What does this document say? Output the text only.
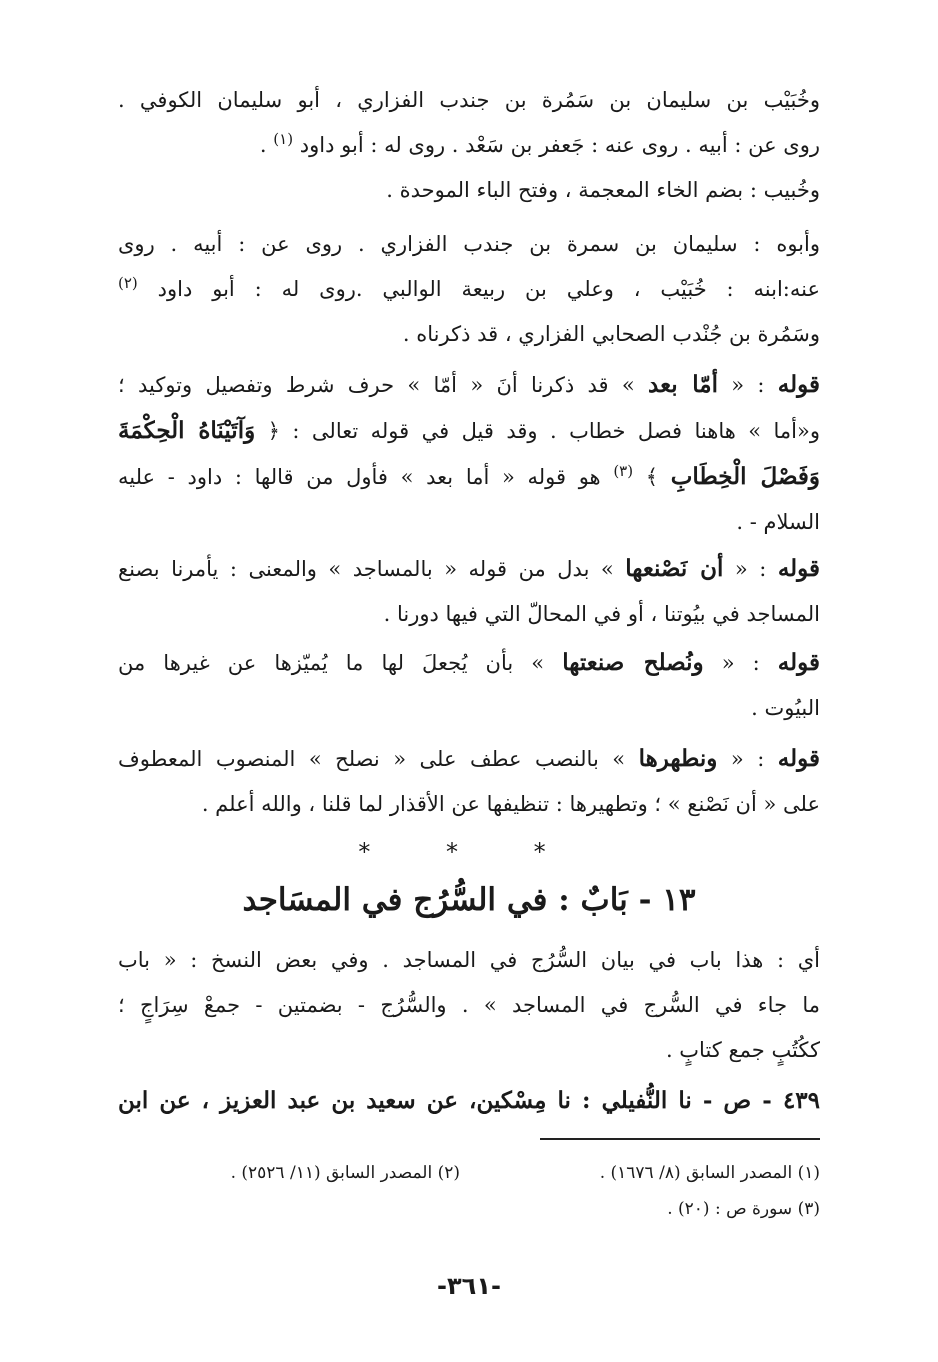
وخُبَيْب بن سليمان بن سَمُرة بن جندب الفزاري ، أبو سليمان الكوفي .
روى عن : أبيه . روى عنه : جَعفر بن سَعْد . روى له : أبو داود $^{(١)}$ .
وخُبيب : بضم الخاء المعجمة ، وفتح الباء الموحدة .
وأبوه : سليمان بن سمرة بن جندب الفزاري . روى عن : أبيه . روى
عنه:ابنه : خُبَيْب ، وعلي بن ربيعة الوالبي .روى له : أبو داود $^{(٢)}$
وسَمُرة بن جُنْدب الصحابي الفزاري ، قد ذكرناه .
قوله : « أمّا بعد » قد ذكرنا أنَ « أمّا » حرف شرط وتفصيل وتوكيد ؛
و«أما » هاهنا فصل خطاب . وقد قيل في قوله تعالى : ﴿ وَآتَيْنَاهُ الْحِكْمَةَ
وَفَصْلَ الْخِطَابِ ﴾ $^{(٣)}$ هو قوله « أما بعد » فأول من قالها : داود - عليه
السلام - .
قوله : « أن نَصْنعها » بدل من قوله « بالمساجد » والمعنى : يأمرنا بصنع
المساجد في بيُوتنا ، أو في المحالّ التي فيها دورنا .
قوله : « ونُصلح صنعتها » بأن يُجعلَ لها ما يُميّزها عن غيرها من
البيُوت .
قوله : « ونطهرها » بالنصب عطف على « نصلح » المنصوب المعطوف
على « أن نَصْنع » ؛ وتطهيرها : تنظيفها عن الأقذار لما قلنا ، والله أعلم .
* * *
١٣ - بَابٌ : في السُّرُج في المسَاجد
أي : هذا باب في بيان السُّرُج في المساجد . وفي بعض النسخ : « باب
ما جاء في السُّرج في المساجد » . والسُّرُج - بضمتين - جمعْ سِرَاجٍ ؛
ككُتُبٍ جمع كتابٍ .
٤٣٩ - ص - نا النُّفيلي : نا مِسْكين، عن سعيد بن عبد العزيز ، عن ابن
(١) المصدر السابق (٨/ ١٦٧٦) .
(٢) المصدر السابق (١١/ ٢٥٢٦) .
(٣) سورة ص : (٢٠) .
-٣٦١-
